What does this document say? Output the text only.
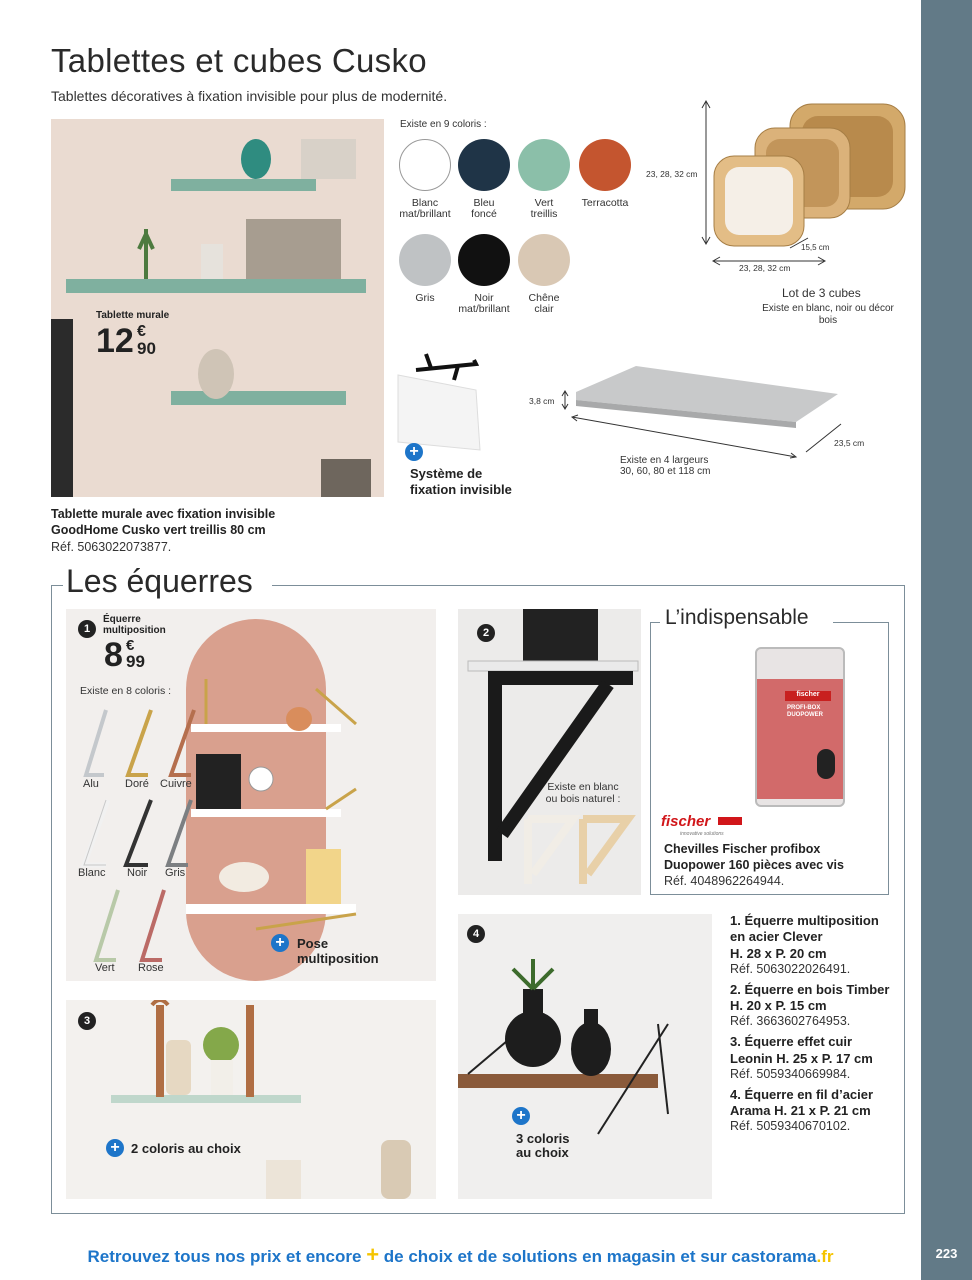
223
Tablettes et cubes Cusko
Tablettes décoratives à fixation invisible pour plus de modernité.
Tablette murale
12 €
90
Tablette murale avec fixation invisible
GoodHome Cusko vert treillis 80 cm
Réf. 5063022073877.
Existe en 9 coloris :
Blanc
mat/brillant
Bleu
foncé
Vert
treillis
Terracotta
Gris	Noir
mat/brillant
Chêne
clair
23, 28, 32 cm
15,5 cm
23, 28, 32 cm
Lot de 3 cubes
Existe en blanc, noir ou décor
bois
+
Système de
fixation invisible
3,8 cm
23,5 cm
Existe en 4 largeurs
30, 60, 80 et 118 cm
Les équerres
1
Équerre
multiposition
8 €
99
Existe en 8 coloris :
Alu Doré Cuivre
Blanc Noir Gris
Vert Rose
+ Pose
multiposition
2
Existe en blanc
ou bois naturel :
L’indispensable
fischer
PROFI-BOX
DUOPOWER
fischer
innovative solutions
Chevilles Fischer profibox
Duopower 160 pièces avec vis
Réf. 4048962264944.
3
+ 2 coloris au choix
4
+
3 coloris
au choix
1. Équerre multiposition
en acier Clever
H. 28 x P. 20 cm
Réf. 5063022026491.
2. Équerre en bois Timber
H. 20 x P. 15 cm
Réf. 3663602764953.
3. Équerre effet cuir
Leonin H. 25 x P. 17 cm
Réf. 5059340669984.
4. Équerre en fil d’acier
Arama H. 21 x P. 21 cm
Réf. 5059340670102.
Retrouvez tous nos prix et encore + de choix et de solutions en magasin et sur castorama.fr
